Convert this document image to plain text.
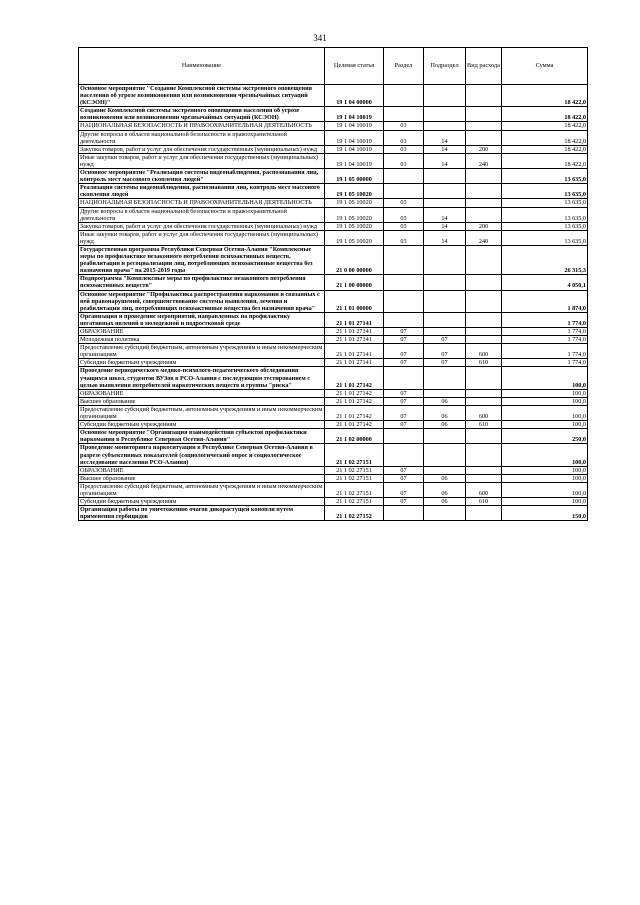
341
Наименование	Целевая статья	Раздел	Подраздел	Вид расхода	Сумма
Основное мероприятие "Создание Комплексной системы экстренного оповещения населения об угрозе возникновения или возникновении чрезвычайных ситуаций (КСЭОН)"	19 1 04 00000				18 422,0
Создание Комплексной системы экстренного оповещения населения об угрозе возникновения или возникновении чрезвычайных ситуаций (КСЭОН)	19 1 04 10019				18 422,0
НАЦИОНАЛЬНАЯ БЕЗОПАСНОСТЬ И ПРАВООХРАНИТЕЛЬНАЯ ДЕЯТЕЛЬНОСТЬ	19 1 04 10019	03			18 422,0
Другие вопросы в области национальной безопасности и правоохранительной деятельности	19 1 04 10019	03	14		18 422,0
Закупка товаров, работ и услуг для обеспечения государственных (муниципальных) нужд	19 1 04 10019	03	14	200	18 422,0
Иные закупки товаров, работ и услуг для обеспечения государственных (муниципальных) нужд	19 1 04 10019	03	14	240	18 422,0
Основное мероприятие "Реализация системы видеонаблюдения, распознавания лиц, контроль мест массового скопления людей"	19 1 05 00000				13 635,0
Реализация системы видеонаблюдения, распознавания лиц, контроль мест массового скопления людей	19 1 05 10020				13 635,0
НАЦИОНАЛЬНАЯ БЕЗОПАСНОСТЬ И ПРАВООХРАНИТЕЛЬНАЯ ДЕЯТЕЛЬНОСТЬ	19 1 05 10020	03			13 635,0
Другие вопросы в области национальной безопасности и правоохранительной деятельности	19 1 05 10020	03	14		13 635,0
Закупка товаров, работ и услуг для обеспечения государственных (муниципальных) нужд	19 1 05 10020	03	14	200	13 635,0
Иные закупки товаров, работ и услуг для обеспечения государственных (муниципальных) нужд	19 1 05 10020	03	14	240	13 635,0
Государственная программа Республики Северная Осетия-Алания "Комплексные меры по профилактике незаконного потребления психоактивных веществ, реабилитации и ресоциализации лиц, потребляющих психоактивные вещества без назначения врача" на 2015-2019 годы	21 0 00 00000				26 315,3
Подпрограмма "Комплексные меры по профилактике незаконного потребления психоактивных веществ"	21 1 00 00000				4 050,1
Основное мероприятие "Профилактика распространения наркомании и связанных с ней правонарушений, совершенствование системы выявления, лечения и реабилитации лиц, потребляющих психоактивные вещества без назначения врача"	21 1 01 00000				1 874,0
Организация и проведение мероприятий, направленных на профилактику негативных явлений в молодежной и подростковой среде	21 1 01 27141				1 774,0
ОБРАЗОВАНИЕ	21 1 01 27141	07			1 774,0
Молодежная политика	21 1 01 27141	07	07		1 774,0
Предоставление субсидий бюджетным, автономным учреждениям и иным некоммерческим организациям	21 1 01 27141	07	07	600	1 774,0
Субсидии бюджетным учреждениям	21 1 01 27141	07	07	610	1 774,0
Проведение периодического медико-психолого-педагогического обследования учащихся школ, студентов ВУЗов в РСО-Алания с последующим тестированием с целью выявления потребителей наркотических веществ и группы "риска"	21 1 01 27142				100,0
ОБРАЗОВАНИЕ	21 1 01 27142	07			100,0
Высшее образование	21 1 01 27142	07	06		100,0
Предоставление субсидий бюджетным, автономным учреждениям и иным некоммерческим организациям	21 1 01 27142	07	06	600	100,0
Субсидии бюджетным учреждениям	21 1 01 27142	07	06	610	100,0
Основное мероприятие "Организация взаимодействия субъектов профилактики наркомании в Республике Северная Осетия-Алания"	21 1 02 00000				250,0
Проведение мониторинга наркоситуации в Республике Северная Осетия-Алания в разрезе субъективных показателей (социологический опрос и социологическое исследование населения РСО-Алания)	21 1 02 27151				100,0
ОБРАЗОВАНИЕ	21 1 02 27151	07			100,0
Высшее образование	21 1 02 27151	07	06		100,0
Предоставление субсидий бюджетным, автономным учреждениям и иным некоммерческим организациям	21 1 02 27151	07	06	600	100,0
Субсидии бюджетным учреждениям	21 1 02 27151	07	06	610	100,0
Организация работы по уничтожению очагов дикорастущей конопли путем применения гербицидов	21 1 02 27152				150,0
